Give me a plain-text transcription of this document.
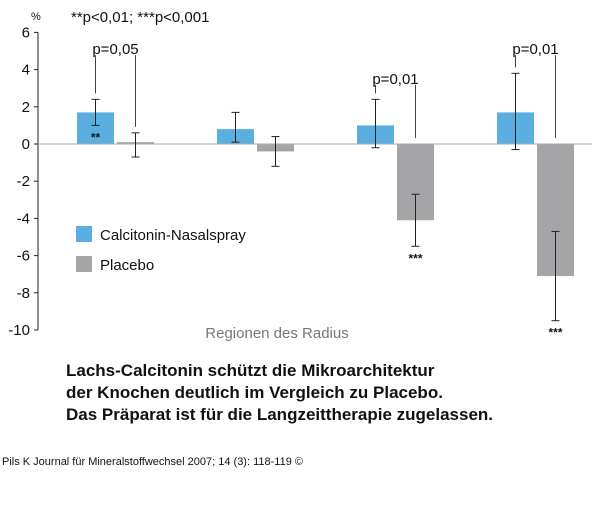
6
4
2
0
-2
-4
-6
-8
-10
% **p<0,01; ***p<0,001
**
***
***
p=0,05
p=0,01
p=0,01
Calcitonin-Nasalspray
Placebo
Regionen des Radius
Lachs-Calcitonin schützt die Mikroarchitektur
der Knochen deutlich im Vergleich zu Placebo.
Das Präparat ist für die Langzeittherapie zugelassen.
Pils K Journal für Mineralstoffwechsel 2007; 14 (3): 118-119 ©
